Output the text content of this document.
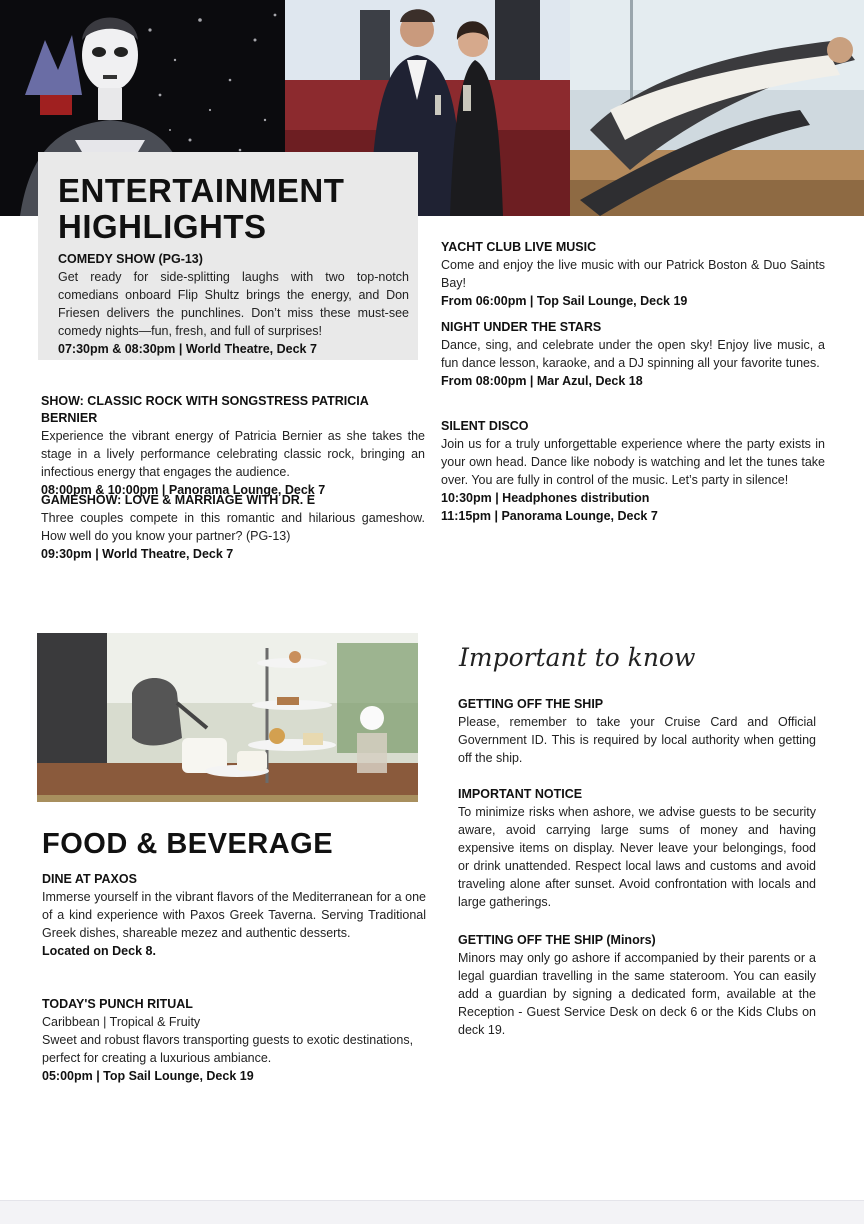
ENTERTAINMENT
HIGHLIGHTS
COMEDY SHOW (PG-13)
Get ready for side-splitting laughs with two top-notch comedians onboard Flip Shultz brings the energy, and Don Friesen delivers the punchlines. Don’t miss these must-see comedy nights—fun, fresh, and full of surprises!
07:30pm & 08:30pm | World Theatre, Deck 7
SHOW: CLASSIC ROCK WITH SONGSTRESS PATRICIA BERNIER
Experience the vibrant energy of Patricia Bernier as she takes the stage in a lively performance celebrating classic rock, bringing an infectious energy that engages the audience.
08:00pm & 10:00pm | Panorama Lounge, Deck 7
GAMESHOW: LOVE & MARRIAGE WITH DR. E
Three couples compete in this romantic and hilarious gameshow. How well do you know your partner? (PG-13)
09:30pm | World Theatre, Deck 7
YACHT CLUB LIVE MUSIC
Come and enjoy the live music with our Patrick Boston & Duo Saints Bay!
From 06:00pm | Top Sail Lounge, Deck 19
NIGHT UNDER THE STARS
Dance, sing, and celebrate under the open sky! Enjoy live music, a fun dance lesson, karaoke, and a DJ spinning all your favorite tunes.
From 08:00pm | Mar Azul, Deck 18
SILENT DISCO
Join us for a truly unforgettable experience where the party exists in your own head. Dance like nobody is watching and let the tunes take over. You are fully in control of the music. Let’s party in silence!
10:30pm | Headphones distribution
11:15pm | Panorama Lounge, Deck 7
FOOD & BEVERAGE
DINE AT PAXOS
Immerse yourself in the vibrant flavors of the Mediterranean for a one of a kind experience with Paxos Greek Taverna. Serving Traditional Greek dishes, shareable mezez and authentic desserts.
Located on Deck 8.
TODAY'S PUNCH RITUAL
Caribbean | Tropical & Fruity
Sweet and robust flavors transporting guests to exotic destinations, perfect for creating a luxurious ambiance.
05:00pm | Top Sail Lounge, Deck 19
Important to know
GETTING OFF THE SHIP
Please, remember to take your Cruise Card and Official Government ID. This is required by local authority when getting off the ship.
IMPORTANT NOTICE
To minimize risks when ashore, we advise guests to be security aware, avoid carrying large sums of money and having expensive items on display. Never leave your belongings, food or drink unattended. Respect local laws and customs and avoid traveling alone after sunset. Avoid confrontation with locals and large gatherings.
GETTING OFF THE SHIP (Minors)
Minors may only go ashore if accompanied by their parents or a legal guardian travelling in the same stateroom. You can easily add a guardian by signing a dedicated form, available at the Reception - Guest Service Desk on deck 6 or the Kids Clubs on deck 19.
